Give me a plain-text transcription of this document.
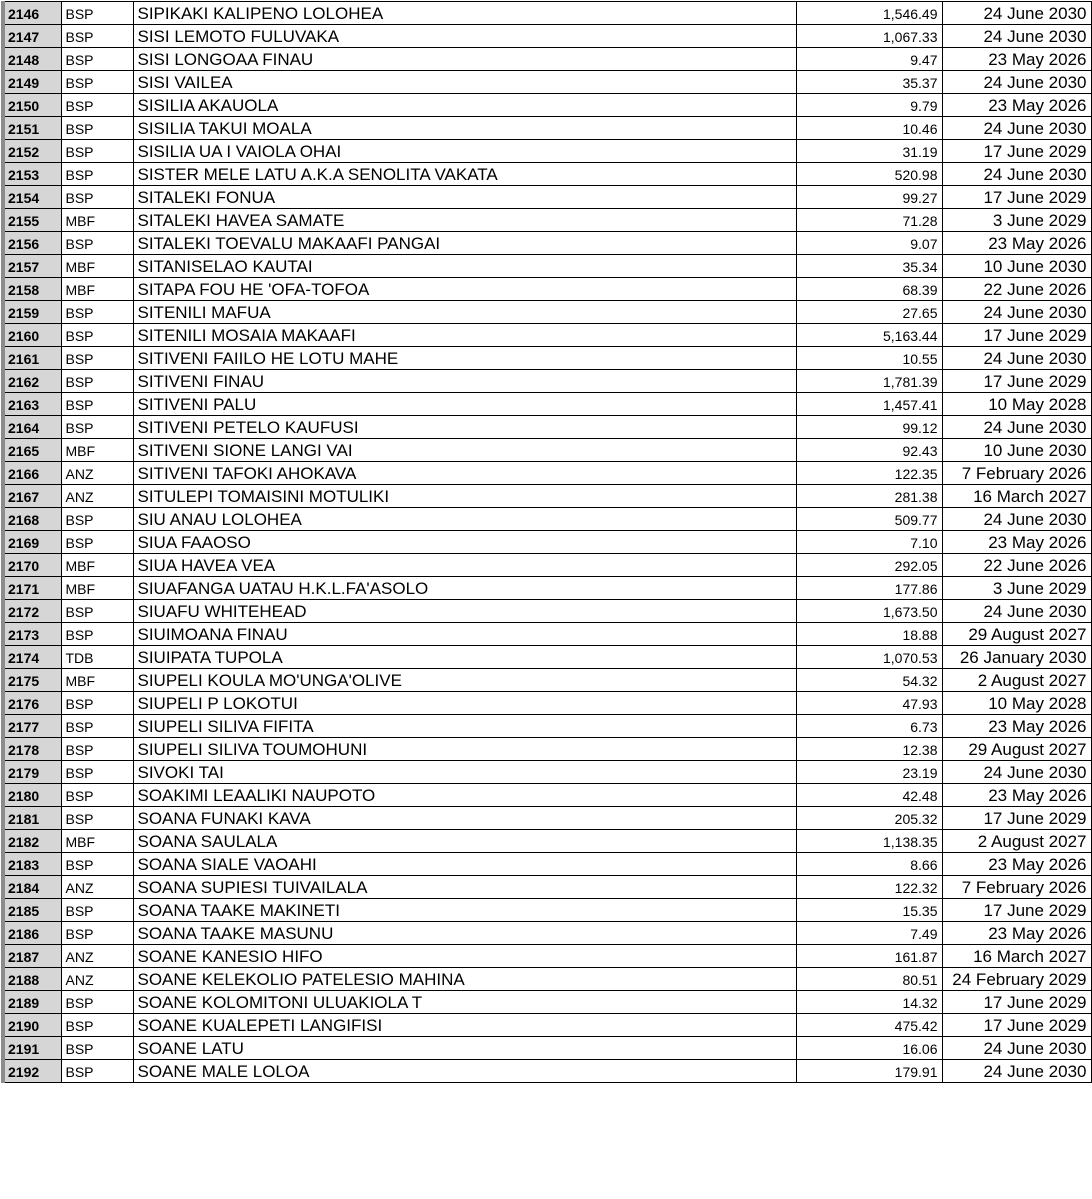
2146	BSP	SIPIKAKI KALIPENO LOLOHEA	1,546.49	24 June 2030
2147	BSP	SISI LEMOTO FULUVAKA	1,067.33	24 June 2030
2148	BSP	SISI LONGOAA FINAU	9.47	23 May 2026
2149	BSP	SISI VAILEA	35.37	24 June 2030
2150	BSP	SISILIA AKAUOLA	9.79	23 May 2026
2151	BSP	SISILIA TAKUI MOALA	10.46	24 June 2030
2152	BSP	SISILIA UA I VAIOLA OHAI	31.19	17 June 2029
2153	BSP	SISTER MELE LATU A.K.A SENOLITA VAKATA	520.98	24 June 2030
2154	BSP	SITALEKI FONUA	99.27	17 June 2029
2155	MBF	SITALEKI HAVEA SAMATE	71.28	3 June 2029
2156	BSP	SITALEKI TOEVALU MAKAAFI PANGAI	9.07	23 May 2026
2157	MBF	SITANISELAO KAUTAI	35.34	10 June 2030
2158	MBF	SITAPA FOU HE 'OFA-TOFOA	68.39	22 June 2026
2159	BSP	SITENILI MAFUA	27.65	24 June 2030
2160	BSP	SITENILI MOSAIA MAKAAFI	5,163.44	17 June 2029
2161	BSP	SITIVENI FAIILO HE LOTU MAHE	10.55	24 June 2030
2162	BSP	SITIVENI FINAU	1,781.39	17 June 2029
2163	BSP	SITIVENI PALU	1,457.41	10 May 2028
2164	BSP	SITIVENI PETELO KAUFUSI	99.12	24 June 2030
2165	MBF	SITIVENI SIONE LANGI VAI	92.43	10 June 2030
2166	ANZ	SITIVENI TAFOKI AHOKAVA	122.35	7 February 2026
2167	ANZ	SITULEPI TOMAISINI MOTULIKI	281.38	16 March 2027
2168	BSP	SIU ANAU LOLOHEA	509.77	24 June 2030
2169	BSP	SIUA FAAOSO	7.10	23 May 2026
2170	MBF	SIUA HAVEA VEA	292.05	22 June 2026
2171	MBF	SIUAFANGA UATAU H.K.L.FA'ASOLO	177.86	3 June 2029
2172	BSP	SIUAFU WHITEHEAD	1,673.50	24 June 2030
2173	BSP	SIUIMOANA FINAU	18.88	29 August 2027
2174	TDB	SIUIPATA TUPOLA	1,070.53	26 January 2030
2175	MBF	SIUPELI KOULA MO'UNGA'OLIVE	54.32	2 August 2027
2176	BSP	SIUPELI P LOKOTUI	47.93	10 May 2028
2177	BSP	SIUPELI SILIVA FIFITA	6.73	23 May 2026
2178	BSP	SIUPELI SILIVA TOUMOHUNI	12.38	29 August 2027
2179	BSP	SIVOKI TAI	23.19	24 June 2030
2180	BSP	SOAKIMI LEAALIKI NAUPOTO	42.48	23 May 2026
2181	BSP	SOANA FUNAKI KAVA	205.32	17 June 2029
2182	MBF	SOANA SAULALA	1,138.35	2 August 2027
2183	BSP	SOANA SIALE VAOAHI	8.66	23 May 2026
2184	ANZ	SOANA SUPIESI TUIVAILALA	122.32	7 February 2026
2185	BSP	SOANA TAAKE MAKINETI	15.35	17 June 2029
2186	BSP	SOANA TAAKE MASUNU	7.49	23 May 2026
2187	ANZ	SOANE KANESIO HIFO	161.87	16 March 2027
2188	ANZ	SOANE KELEKOLIO PATELESIO MAHINA	80.51	24 February 2029
2189	BSP	SOANE KOLOMITONI ULUAKIOLA T	14.32	17 June 2029
2190	BSP	SOANE KUALEPETI LANGIFISI	475.42	17 June 2029
2191	BSP	SOANE LATU	16.06	24 June 2030
2192	BSP	SOANE MALE LOLOA	179.91	24 June 2030
